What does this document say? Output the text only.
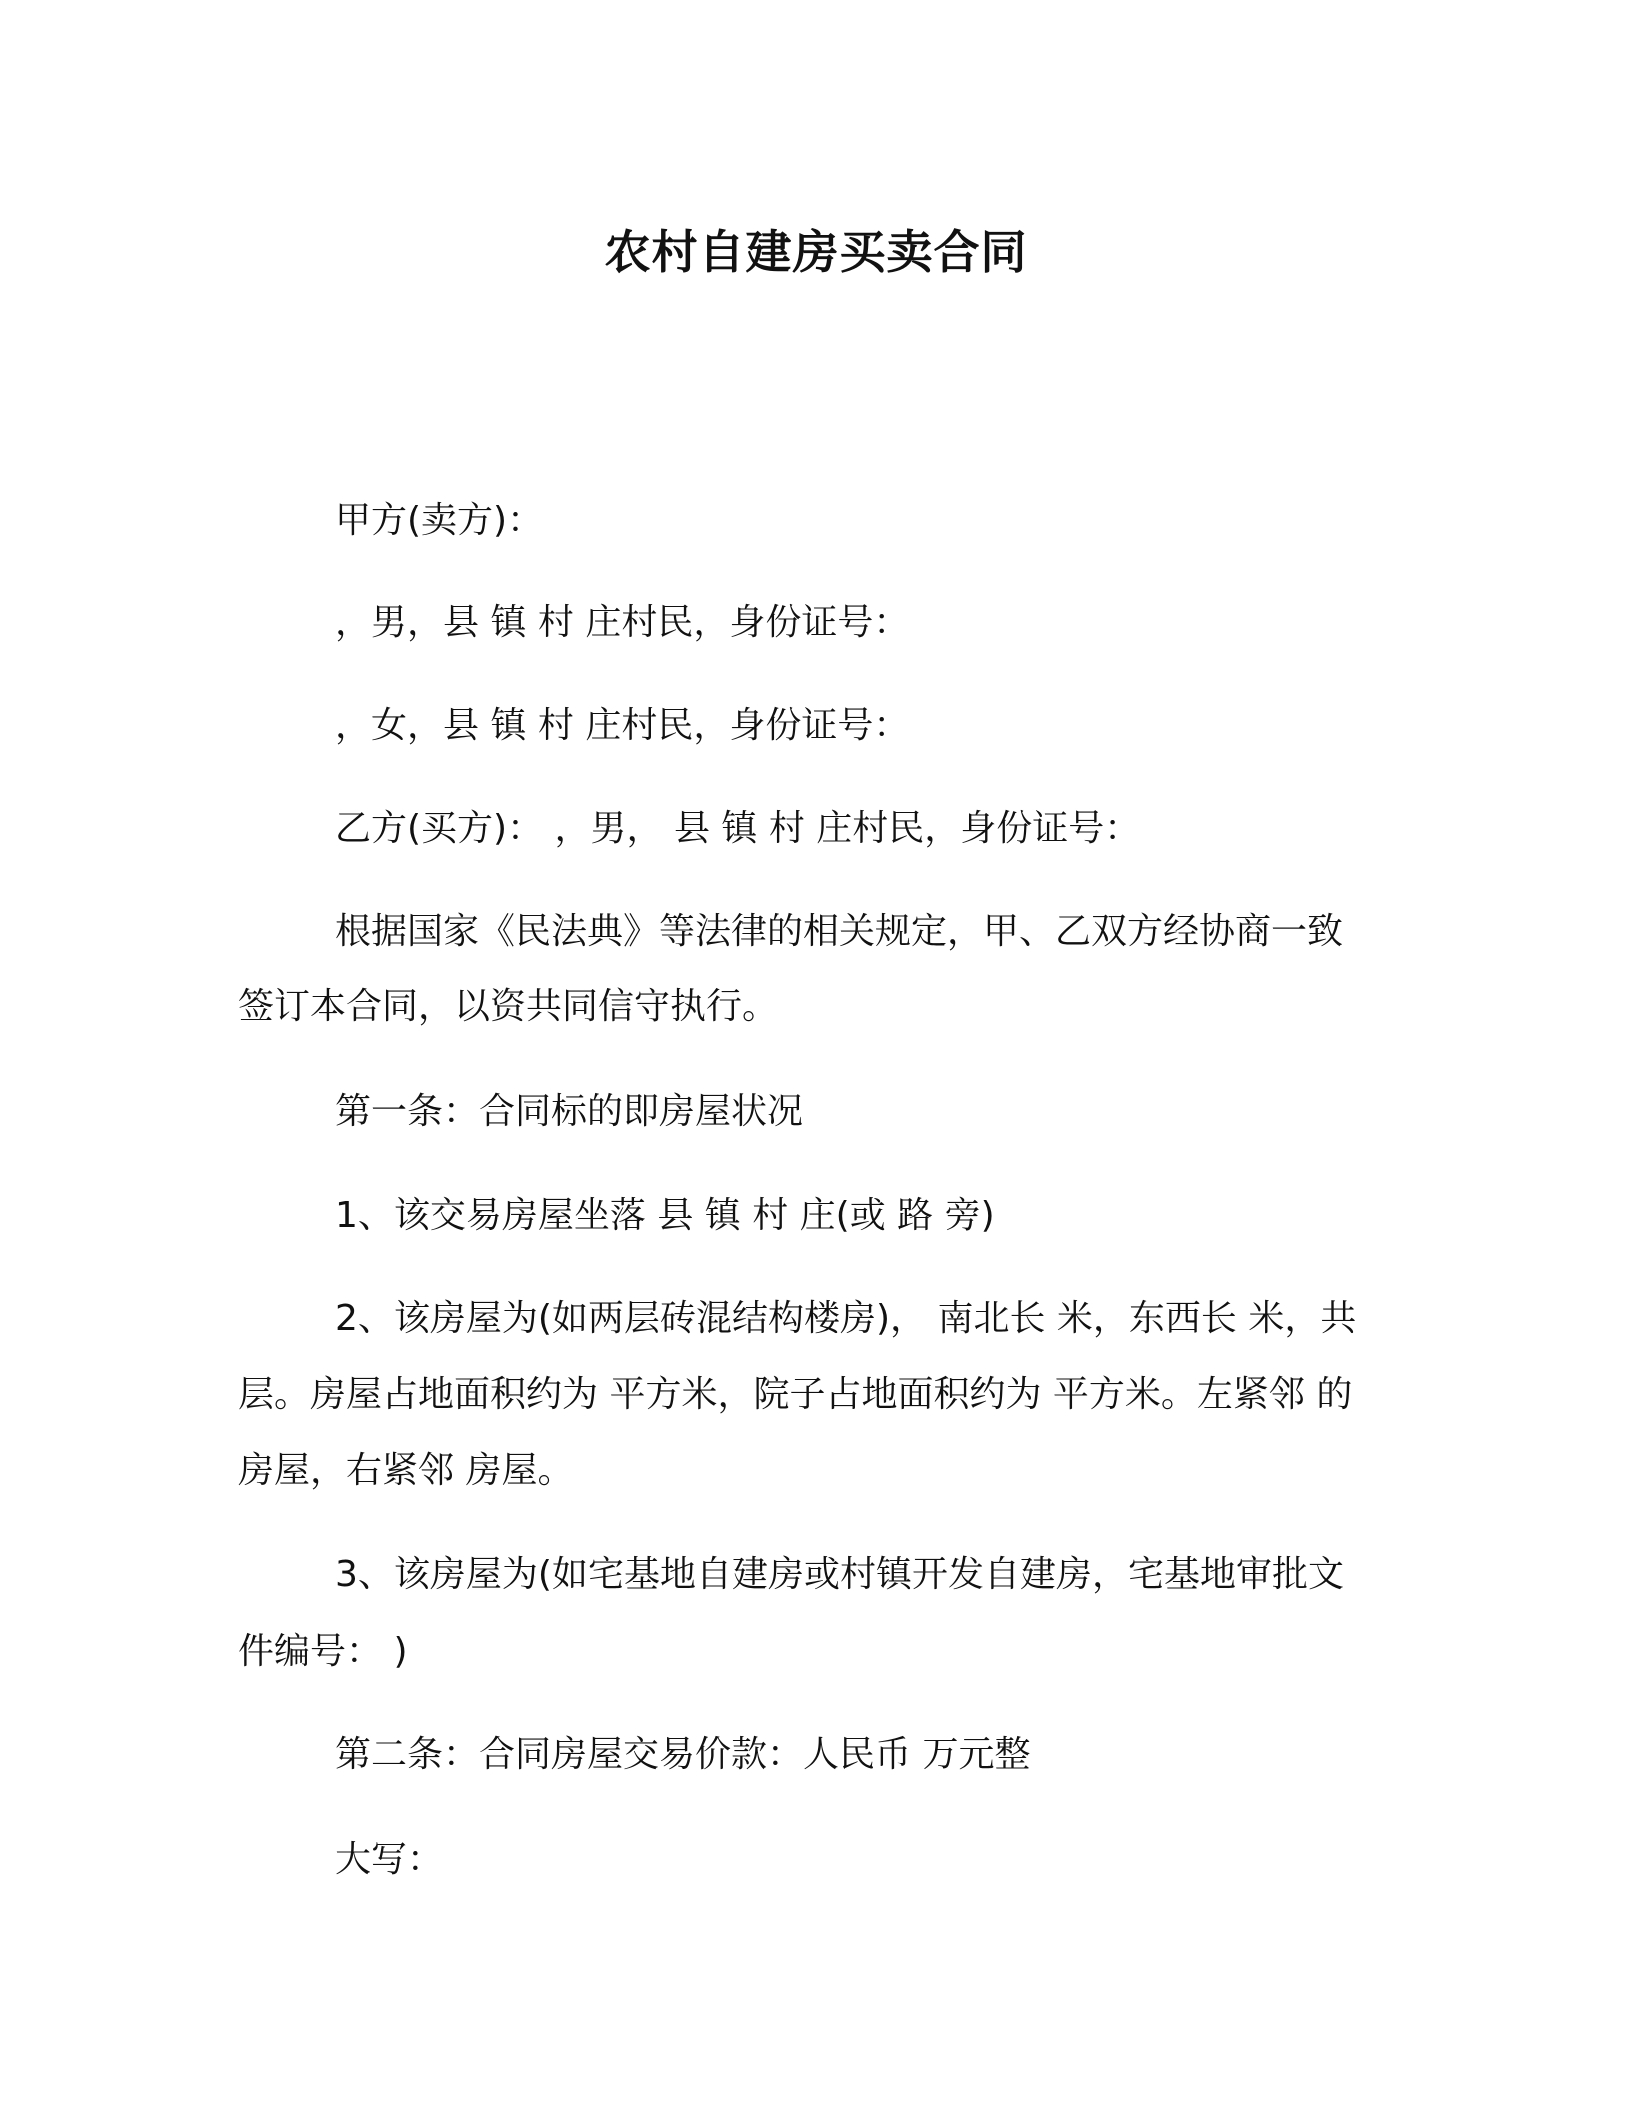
农村自建房买卖合同

甲方(卖方)：

，男，县 镇 村 庄村民，身份证号：

，女，县 镇 村 庄村民，身份证号：

乙方(买方)： ，男， 县 镇 村 庄村民，身份证号：

根据国家《民法典》等法律的相关规定，甲、乙双方经协商一致

签订本合同，以资共同信守执行。

第一条：合同标的即房屋状况

1、该交易房屋坐落 县 镇 村 庄(或 路 旁)

2、该房屋为(如两层砖混结构楼房)， 南北长 米，东西长 米，共

层。房屋占地面积约为 平方米，院子占地面积约为 平方米。左紧邻 的

房屋，右紧邻 房屋。

3、该房屋为(如宅基地自建房或村镇开发自建房，宅基地审批文

件编号： )

第二条：合同房屋交易价款：人民币 万元整

大写：
